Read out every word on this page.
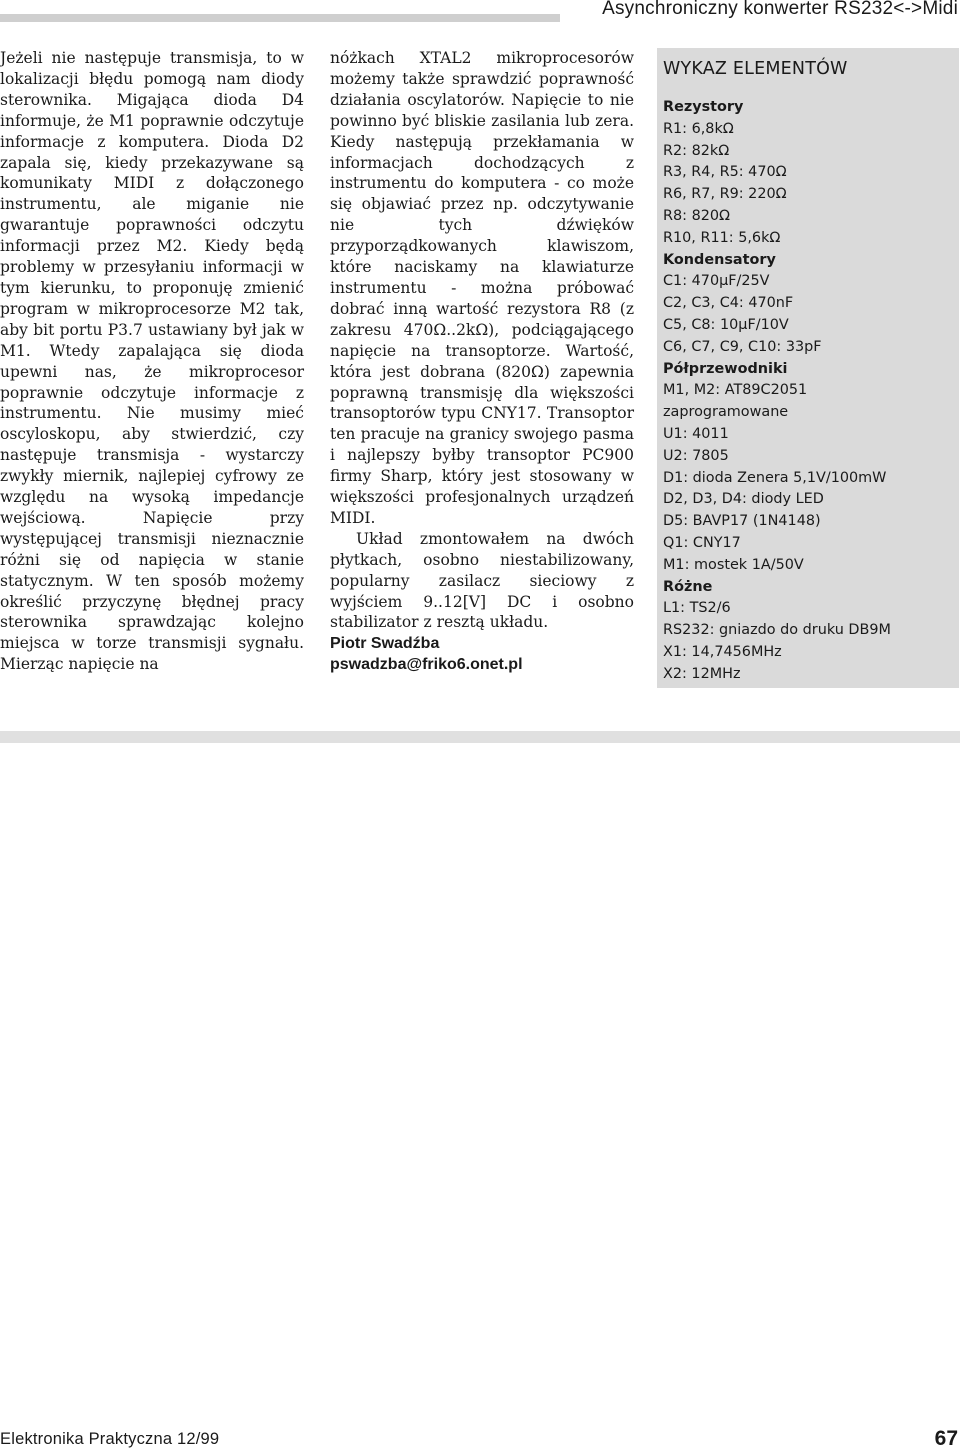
Asynchroniczny konwerter RS232<->Midi

Jeżeli nie następuje transmisja, to w lokalizacji błędu pomogą nam diody sterownika. Migająca dioda D4 informuje, że M1 poprawnie odczytuje informacje z komputera. Dioda D2 zapala się, kiedy przekazywane są komunikaty MIDI z dołączonego instrumentu, ale miganie nie gwarantuje poprawności odczytu informacji przez M2. Kiedy będą problemy w przesyłaniu informacji w tym kierunku, to proponuję zmienić program w mikroprocesorze M2 tak, aby bit portu P3.7 ustawiany był jak w M1. Wtedy zapalająca się dioda upewni nas, że mikroprocesor poprawnie odczytuje informacje z instrumentu. Nie musimy mieć oscyloskopu, aby stwierdzić, czy następuje transmisja - wystarczy zwykły miernik, najlepiej cyfrowy ze względu na wysoką impedancje wejściową. Napięcie przy występującej transmisji nieznacznie różni się od napięcia w stanie statycznym. W ten sposób możemy określić przyczynę błędnej pracy sterownika sprawdzając kolejno miejsca w torze transmisji sygnału. Mierząc napięcie na

nóżkach XTAL2 mikroprocesorów możemy także sprawdzić poprawność działania oscylatorów. Napięcie to nie powinno być bliskie zasilania lub zera. Kiedy następują przekłamania w informacjach dochodzących z instrumentu do komputera - co może się objawiać przez np. odczytywanie nie tych dźwięków przyporządkowanych klawiszom, które naciskamy na klawiaturze instrumentu - można próbować dobrać inną wartość rezystora R8 (z zakresu 470Ω..2kΩ), podciągającego napięcie na transoptorze. Wartość, która jest dobrana (820Ω) zapewnia poprawną transmisję dla większości transoptorów typu CNY17. Transoptor ten pracuje na granicy swojego pasma i najlepszy byłby transoptor PC900 firmy Sharp, który jest stosowany w większości profesjonalnych urządzeń MIDI.

Układ zmontowałem na dwóch płytkach, osobno niestabilizowany, popularny zasilacz sieciowy z wyjściem 9..12[V] DC i osobno stabilizator z resztą układu.

Piotr Swadźba
pswadzba@friko6.onet.pl
WYKAZ ELEMENTÓW
Rezystory
R1: 6,8kΩ
R2: 82kΩ
R3, R4, R5: 470Ω
R6, R7, R9: 220Ω
R8: 820Ω
R10, R11: 5,6kΩ
Kondensatory
C1: 470µF/25V
C2, C3, C4: 470nF
C5, C8: 10µF/10V
C6, C7, C9, C10: 33pF
Półprzewodniki
M1, M2: AT89C2051
zaprogramowane
U1: 4011
U2: 7805
D1: dioda Zenera 5,1V/100mW
D2, D3, D4: diody LED
D5: BAVP17 (1N4148)
Q1: CNY17
M1: mostek 1A/50V
Różne
L1: TS2/6
RS232: gniazdo do druku DB9M
X1: 14,7456MHz
X2: 12MHz
Elektronika Praktyczna 12/99	67
